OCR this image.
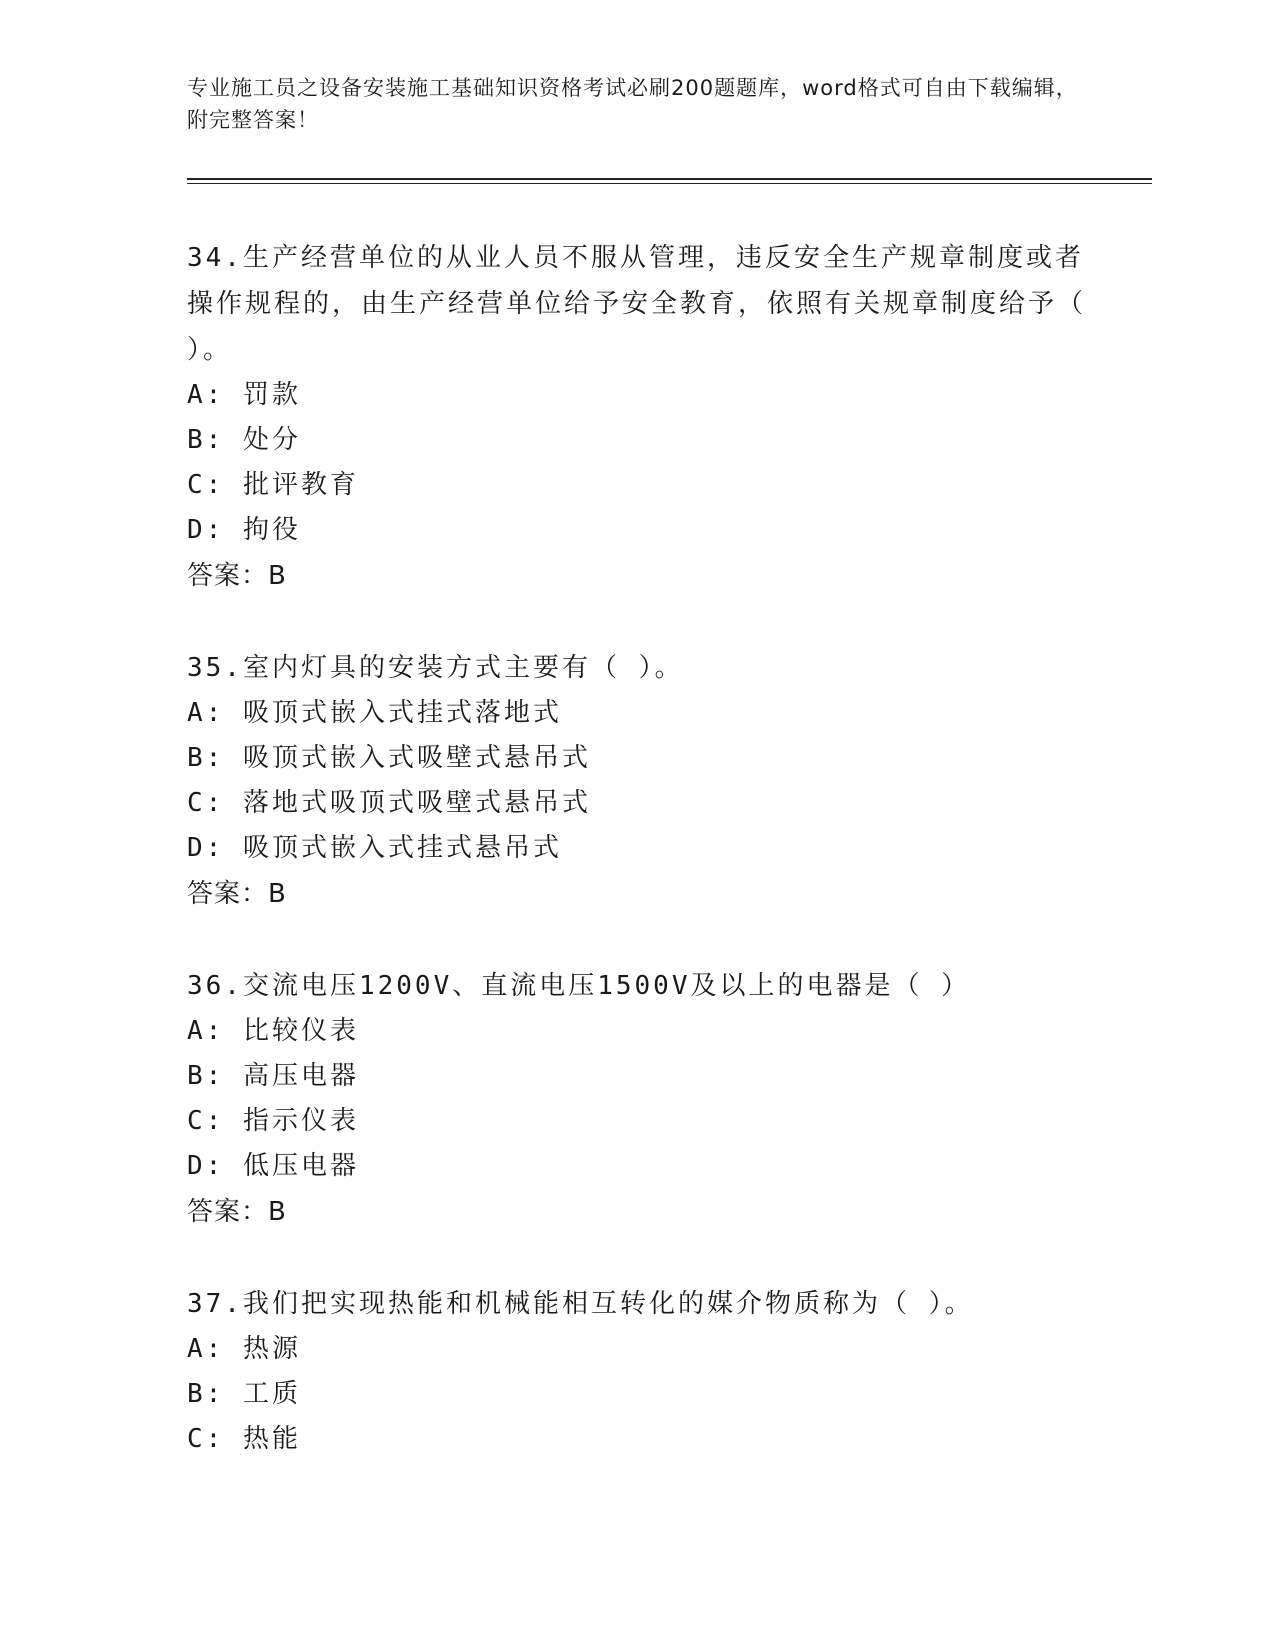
专业施工员之设备安装施工基础知识资格考试必刷200题题库，word格式可自由下载编辑，附完整答案！

34.生产经营单位的从业人员不服从管理，违反安全生产规章制度或者操作规程的，由生产经营单位给予安全教育，依照有关规章制度给予（ ）。

A: 罚款

B: 处分

C: 批评教育

D: 拘役

答案：B

35.室内灯具的安装方式主要有（ ）。

A: 吸顶式嵌入式挂式落地式

B: 吸顶式嵌入式吸壁式悬吊式

C: 落地式吸顶式吸壁式悬吊式

D: 吸顶式嵌入式挂式悬吊式

答案：B

36.交流电压1200V、直流电压1500V及以上的电器是（ ）

A: 比较仪表

B: 高压电器

C: 指示仪表

D: 低压电器

答案：B

37.我们把实现热能和机械能相互转化的媒介物质称为（ ）。

A: 热源

B: 工质

C: 热能
